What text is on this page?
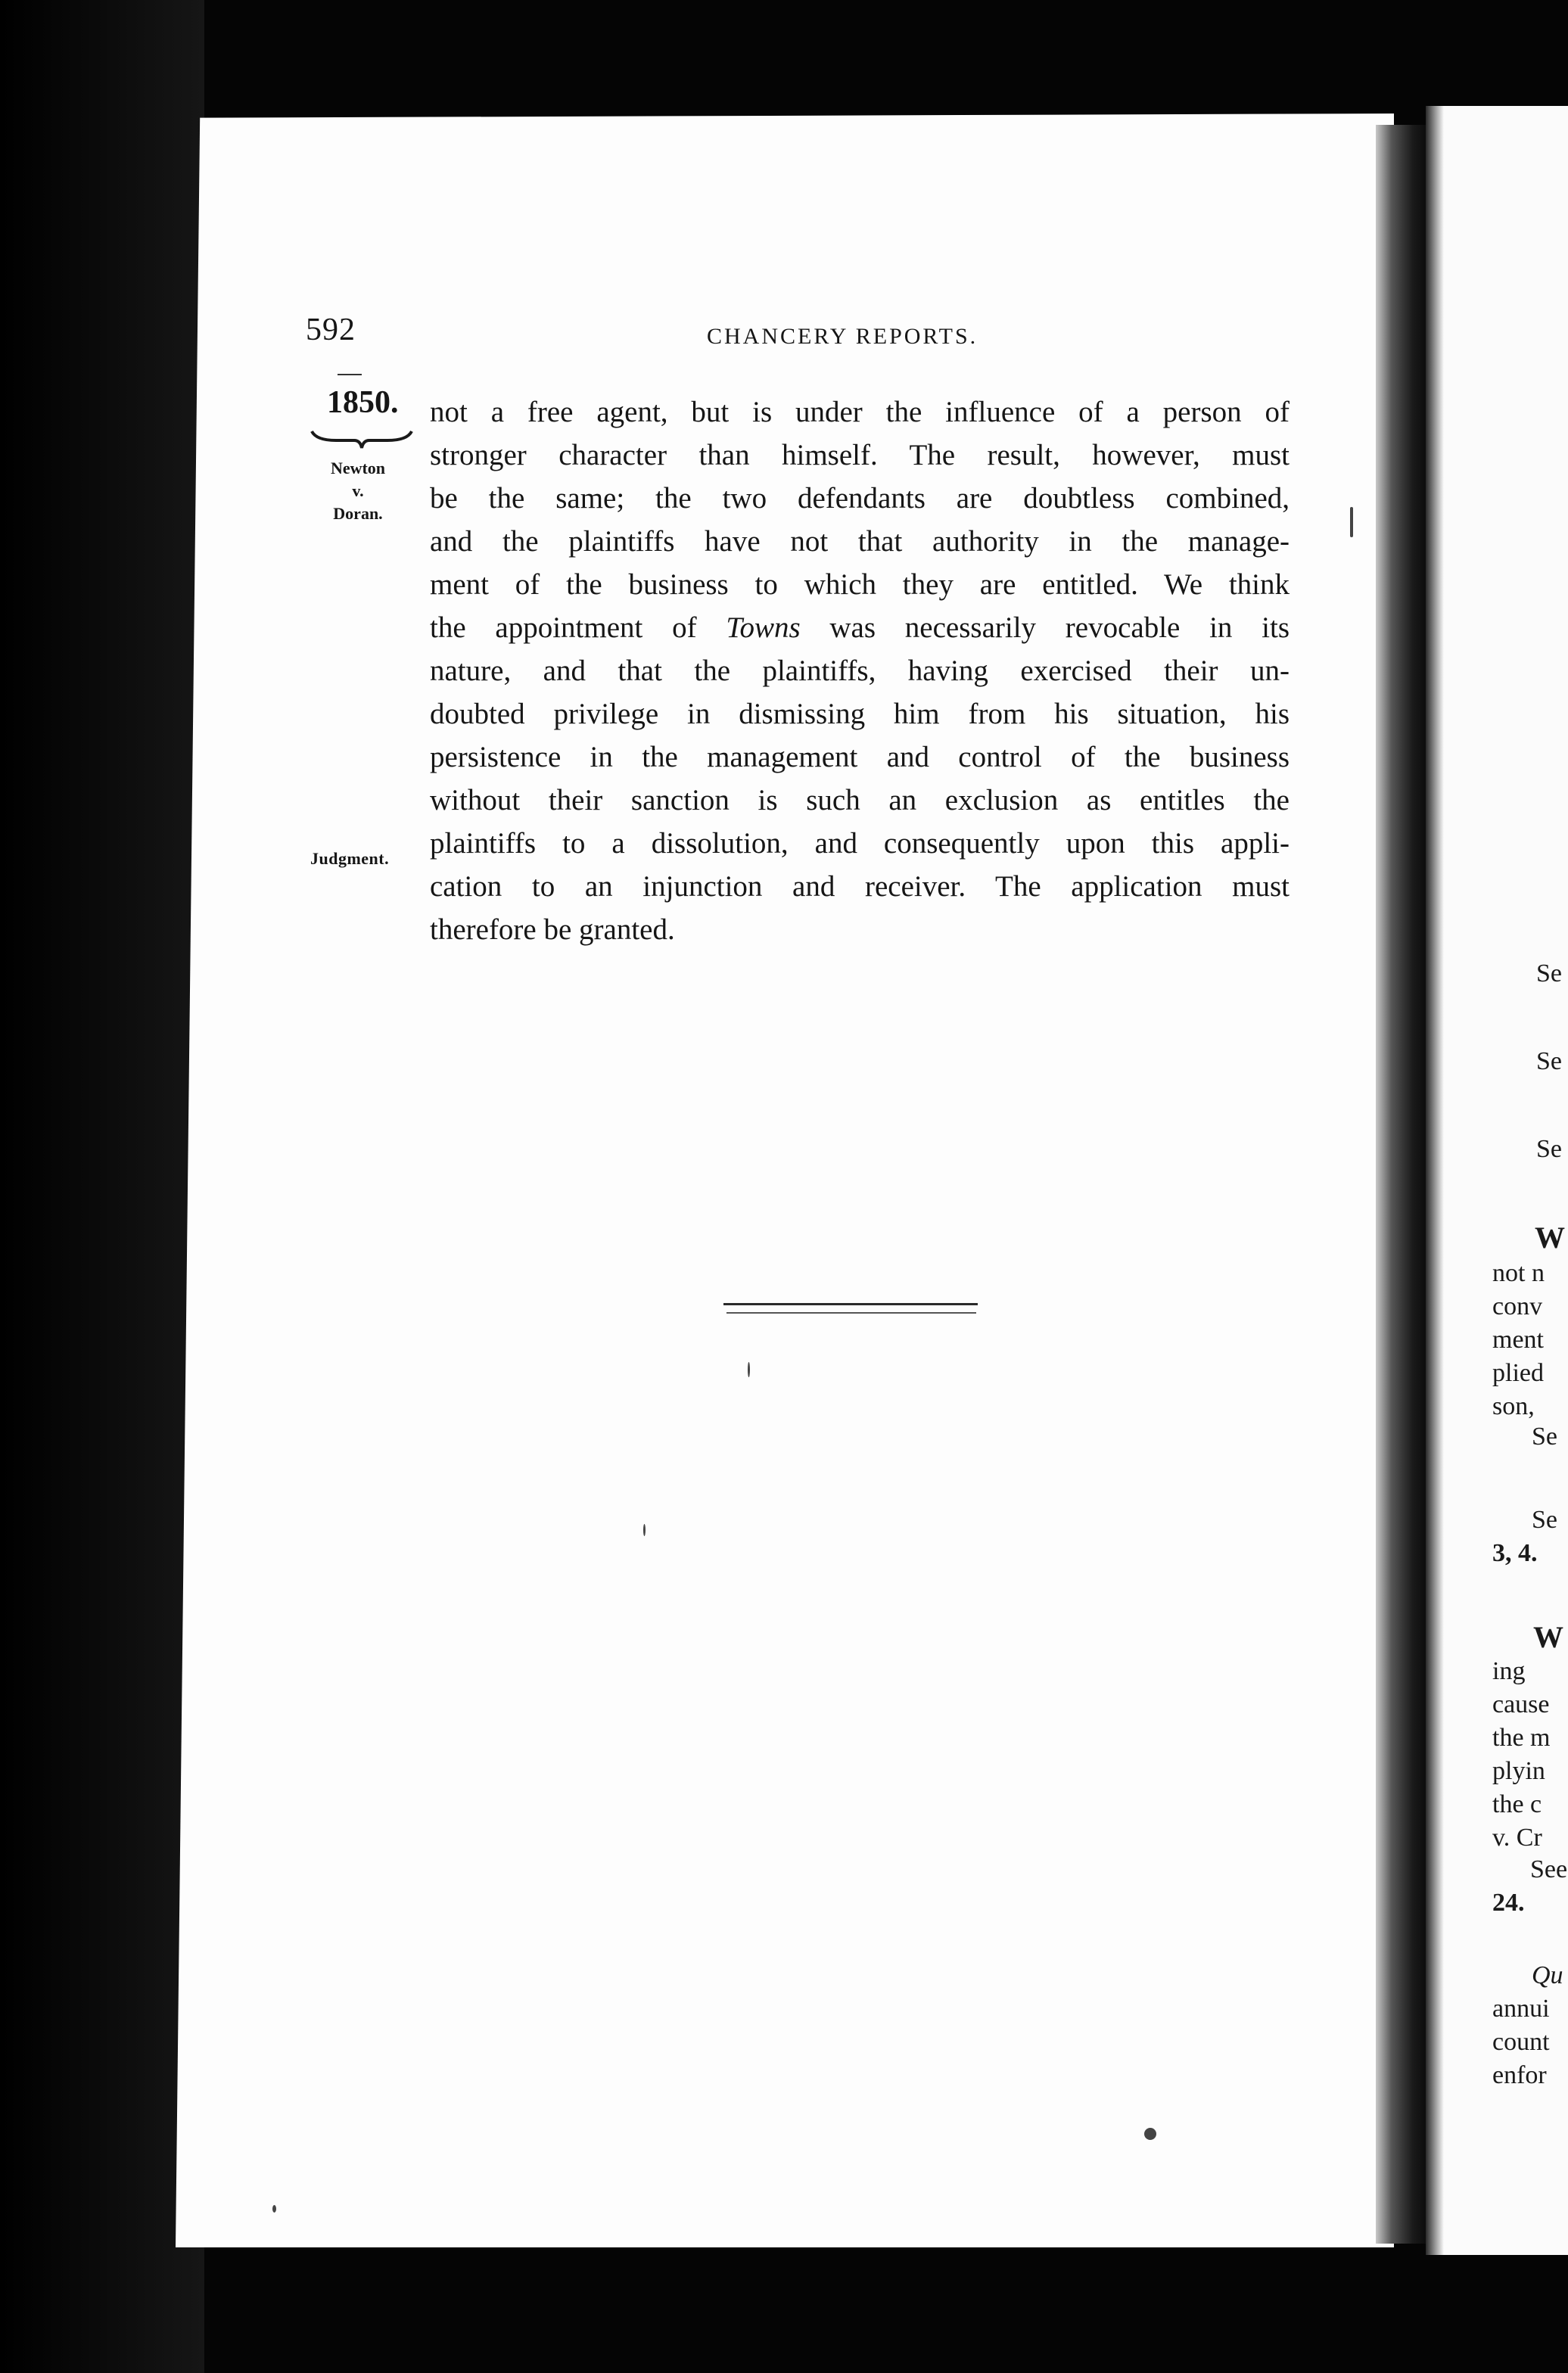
592	CHANCERY REPORTS.
1850.
Newton
v.
Doran.
Judgment.
not a free agent, but is under the influence of a person of
stronger character than himself. The result, however, must
be the same; the two defendants are doubtless combined,
and the plaintiffs have not that authority in the manage-
ment of the business to which they are entitled. We think
the appointment of Towns was necessarily revocable in its
nature, and that the plaintiffs, having exercised their un-
doubted privilege in dismissing him from his situation, his
persistence in the management and control of the business
without their sanction is such an exclusion as entitles the
plaintiffs to a dissolution, and consequently upon this appli-
cation to an injunction and receiver. The application must
therefore be granted.
Se
Se
Se
W
not n
conv
ment
plied
son,
Se
Se
3, 4.
W
ing
cause
the m
plyin
the c
v. Cr
See
24.
Qu
annui
count
enfor
